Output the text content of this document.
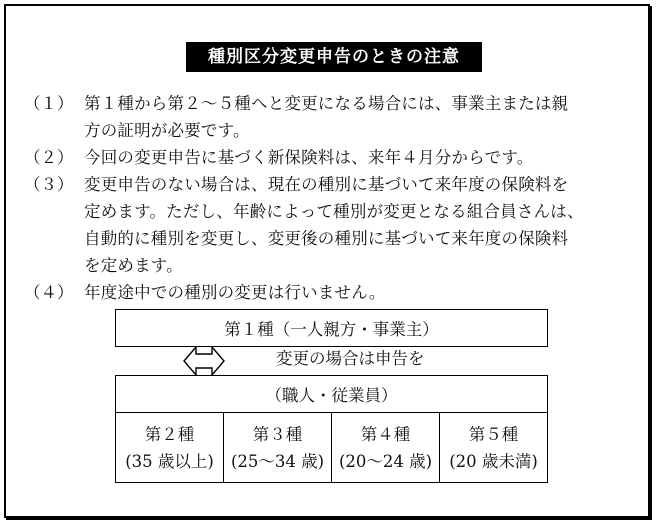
種別区分変更申告のときの注意
（１） 第１種から第２～５種へと変更になる場合には、事業主または親
方の証明が必要です。
（２） 今回の変更申告に基づく新保険料は、来年４月分からです。
（３） 変更申告のない場合は、現在の種別に基づいて来年度の保険料を
定めます。ただし、年齢によって種別が変更となる組合員さんは、
自動的に種別を変更し、変更後の種別に基づいて来年度の保険料
を定めます。
（４） 年度途中での種別の変更は行いません。
第１種（一人親方・事業主）
変更の場合は申告を
（職人・従業員）
第２種
(35 歳以上)
第３種
(25～34 歳)
第４種
(20～24 歳)
第５種
(20 歳未満)
